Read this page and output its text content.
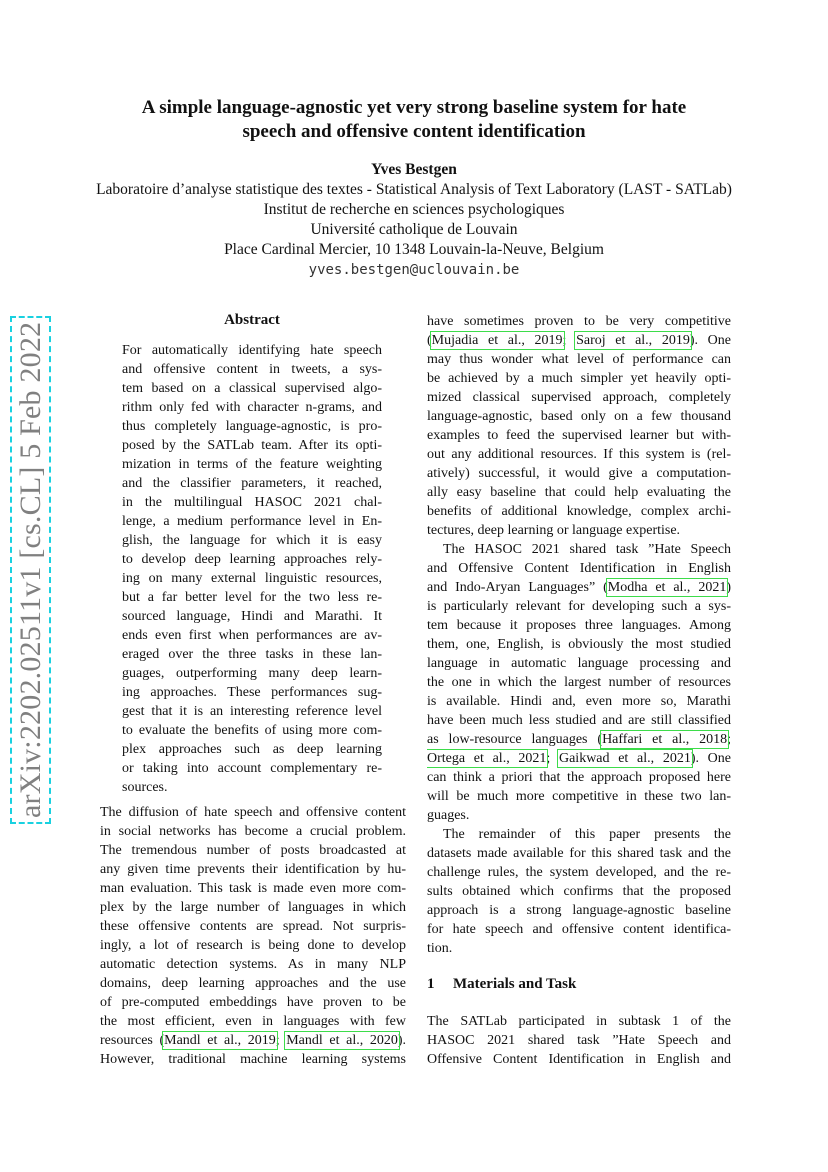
A simple language-agnostic yet very strong baseline system for hate
speech and offensive content identification
Yves Bestgen
Laboratoire d’analyse statistique des textes - Statistical Analysis of Text Laboratory (LAST - SATLab)
Institut de recherche en sciences psychologiques
Université catholique de Louvain
Place Cardinal Mercier, 10 1348 Louvain-la-Neuve, Belgium
yves.bestgen@uclouvain.be
arXiv:2202.02511v1 [cs.CL] 5 Feb 2022
Abstract
For automatically identifying hate speech
and offensive content in tweets, a sys-
tem based on a classical supervised algo-
rithm only fed with character n-grams, and
thus completely language-agnostic, is pro-
posed by the SATLab team. After its opti-
mization in terms of the feature weighting
and the classifier parameters, it reached,
in the multilingual HASOC 2021 chal-
lenge, a medium performance level in En-
glish, the language for which it is easy
to develop deep learning approaches rely-
ing on many external linguistic resources,
but a far better level for the two less re-
sourced language, Hindi and Marathi. It
ends even first when performances are av-
eraged over the three tasks in these lan-
guages, outperforming many deep learn-
ing approaches. These performances sug-
gest that it is an interesting reference level
to evaluate the benefits of using more com-
plex approaches such as deep learning
or taking into account complementary re-
sources.
The diffusion of hate speech and offensive content
in social networks has become a crucial problem.
The tremendous number of posts broadcasted at
any given time prevents their identification by hu-
man evaluation. This task is made even more com-
plex by the large number of languages in which
these offensive contents are spread. Not surpris-
ingly, a lot of research is being done to develop
automatic detection systems. As in many NLP
domains, deep learning approaches and the use
of pre-computed embeddings have proven to be
the most efficient, even in languages with few
resources (Mandl et al., 2019; Mandl et al., 2020).
However, traditional machine learning systems
have sometimes proven to be very competitive
(Mujadia et al., 2019; Saroj et al., 2019). One
may thus wonder what level of performance can
be achieved by a much simpler yet heavily opti-
mized classical supervised approach, completely
language-agnostic, based only on a few thousand
examples to feed the supervised learner but with-
out any additional resources. If this system is (rel-
atively) successful, it would give a computation-
ally easy baseline that could help evaluating the
benefits of additional knowledge, complex archi-
tectures, deep learning or language expertise.
The HASOC 2021 shared task ”Hate Speech
and Offensive Content Identification in English
and Indo-Aryan Languages” (Modha et al., 2021)
is particularly relevant for developing such a sys-
tem because it proposes three languages. Among
them, one, English, is obviously the most studied
language in automatic language processing and
the one in which the largest number of resources
is available. Hindi and, even more so, Marathi
have been much less studied and are still classified
as low-resource languages (Haffari et al., 2018;
Ortega et al., 2021; Gaikwad et al., 2021). One
can think a priori that the approach proposed here
will be much more competitive in these two lan-
guages.
The remainder of this paper presents the
datasets made available for this shared task and the
challenge rules, the system developed, and the re-
sults obtained which confirms that the proposed
approach is a strong language-agnostic baseline
for hate speech and offensive content identifica-
tion.
1 Materials and Task
The SATLab participated in subtask 1 of the
HASOC 2021 shared task ”Hate Speech and
Offensive Content Identification in English and
